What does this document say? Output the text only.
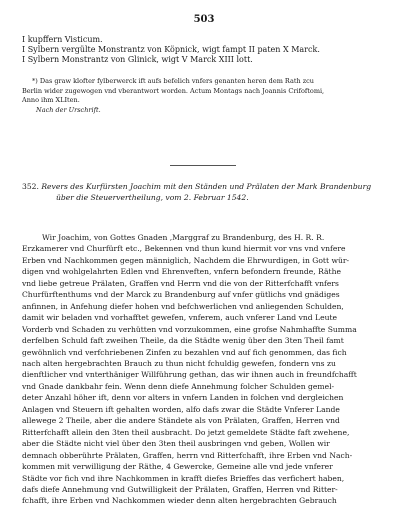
503
I kupffern Visticum.
I Sylbern vergülte Monstrantz von Köpnick, wigt fampt II paten X Marck.
I Sylbern Monstrantz von Glinick, wigt V Marck XIII lott.
*) Das graw klofter fylberwerck ift aufs befelich vnfers genanten heren dem Rath zcu
Berlin wider zugewogen vnd vberantwort worden. Actum Montags nach Joannis Crifoftomi,
Anno ihm XLIten.
Nach der Urschrift.
352. Revers des Kurfürsten Joachim mit den Ständen und Prälaten der Mark Brandenburg
über die Steuervertheilung, vom 2. Februar 1542.
Wir Joachim, von Gottes Gnaden ,Marggraf zu Brandenburg, des H. R. R.
Erzkamerer vnd Churfürft etc., Bekennen vnd thun kund hiermit vor vns vnd vnfere
Erben vnd Nachkommen gegen männiglich, Nachdem die Ehrwurdigen, in Gott wür-
digen vnd wohlgelahrten Edlen vnd Ehrenveften, vnfern befondern freunde, Räthe
vnd liebe getreue Prälaten, Graffen vnd Herrn vnd die von der Ritterfchafft vnfers
Churfürftenthums vnd der Marck zu Brandenburg auf vnfer gütlichs vnd gnädiges
anfinnen, in Anfehung diefer hohen vnd befchwerlichen vnd anliegenden Schulden,
damit wir beladen vnd vorhafftet gewefen, vnferem, auch vnferer Land vnd Leute
Vorderb vnd Schaden zu verhütten vnd vorzukommen, eine grofse Nahmhaffte Summa
derfelben Schuld faft zweihen Theile, da die Städte wenig über den 3ten Theil famt
gewöhnlich vnd verfchriebenen Zinfen zu bezahlen vnd auf fich genommen, das fich
nach alten hergebrachten Brauch zu thun nicht fchuldig gewefen, fondern vns zu
dienftlicher vnd vnterthäniger Willführung gethan, das wir ihnen auch in freundfchafft
vnd Gnade dankbahr fein. Wenn denn diefe Annehmung folcher Schulden gemel-
deter Anzahl höher ift, denn vor alters in vnfern Landen in folchen vnd dergleichen
Anlagen vnd Steuern ift gehalten worden, alfo dafs zwar die Städte Vnferer Lande
allewege 2 Theile, aber die andere Ständete als von Prälaten, Graffen, Herren vnd
Ritterfchafft allein den 3ten theil ausbracht. Do jetzt gemeldete Städte faft zwehene,
aber die Städte nicht viel über den 3ten theil ausbringen vnd geben, Wollen wir
demnach obberührte Prälaten, Graffen, herrn vnd Ritterfchafft, ihre Erben vnd Nach-
kommen mit verwilligung der Räthe, 4 Gewercke, Gemeine alle vnd jede vnferer
Städte vor fich vnd ihre Nachkommen in krafft diefes Brieffes das verfichert haben,
dafs diefe Annehmung vnd Gutwilligkeit der Prälaten, Graffen, Herren vnd Ritter-
fchafft, ihre Erben vnd Nachkommen wieder denn alten hergebrachten Gebrauch
